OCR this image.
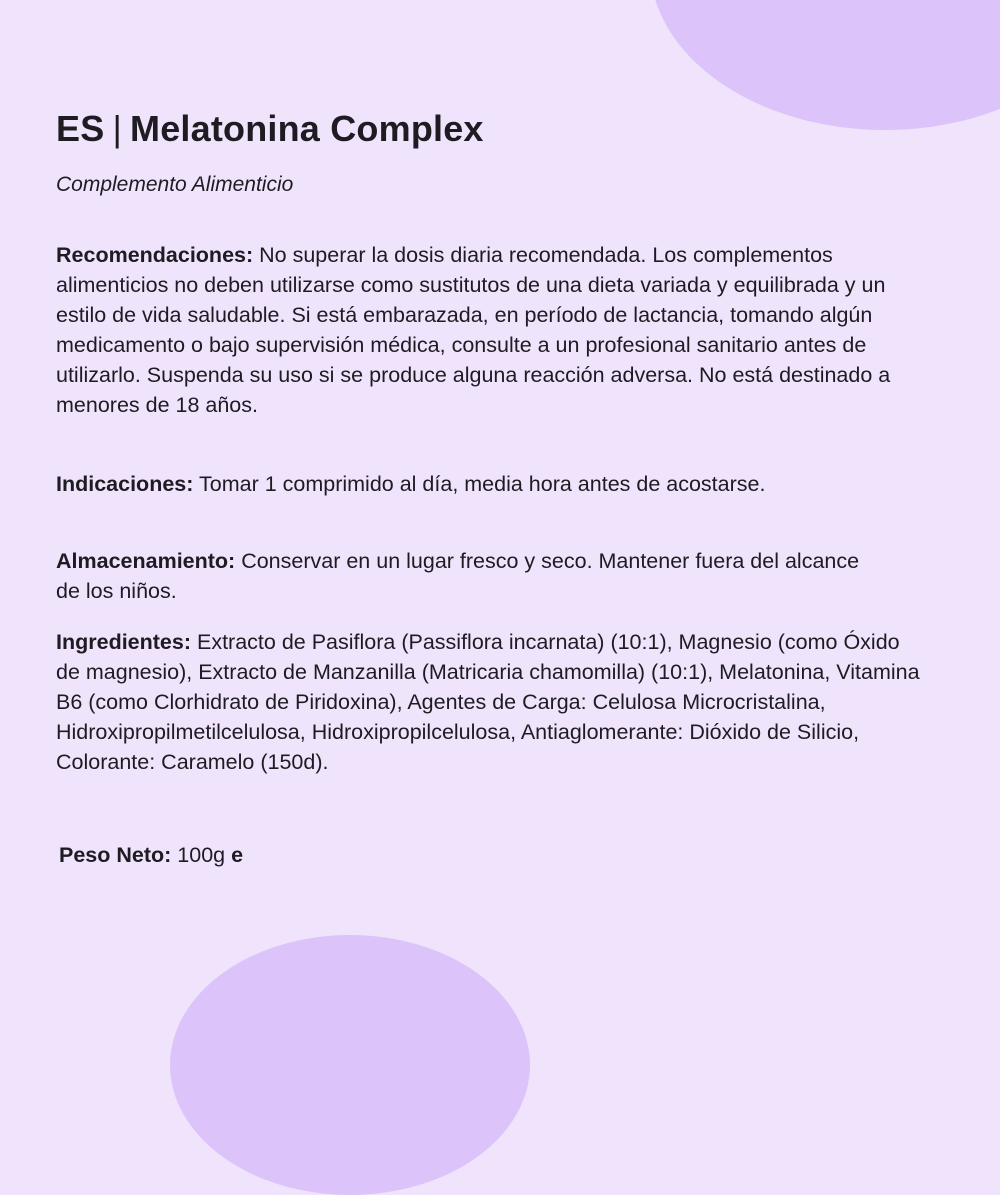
ES | Melatonina Complex

Complemento Alimenticio

Recomendaciones: No superar la dosis diaria recomendada. Los complementos alimenticios no deben utilizarse como sustitutos de una dieta variada y equilibrada y un estilo de vida saludable. Si está embarazada, en período de lactancia, tomando algún medicamento o bajo supervisión médica, consulte a un profesional sanitario antes de utilizarlo. Suspenda su uso si se produce alguna reacción adversa. No está destinado a menores de 18 años.

Indicaciones: Tomar 1 comprimido al día, media hora antes de acostarse.

Almacenamiento: Conservar en un lugar fresco y seco. Mantener fuera del alcance de los niños.

Ingredientes: Extracto de Pasiflora (Passiflora incarnata) (10:1), Magnesio (como Óxido de magnesio), Extracto de Manzanilla (Matricaria chamomilla) (10:1), Melatonina, Vitamina B6 (como Clorhidrato de Piridoxina), Agentes de Carga: Celulosa Microcristalina, Hidroxipropilmetilcelulosa, Hidroxipropilcelulosa, Antiaglomerante: Dióxido de Silicio, Colorante: Caramelo (150d).

Peso Neto: 100g e
